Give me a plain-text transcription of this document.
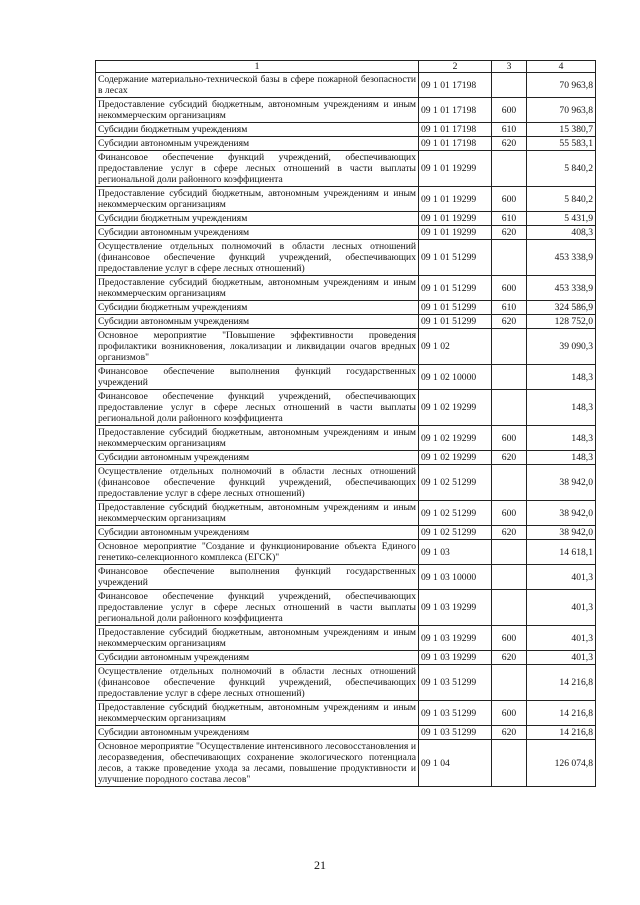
1	2	3	4
Содержание материально-технической базы в сфере пожарной безопасности в лесах	09 1 01 17198		70 963,8
Предоставление субсидий бюджетным, автономным учреждениям и иным некоммерческим организациям	09 1 01 17198	600	70 963,8
Субсидии бюджетным учреждениям	09 1 01 17198	610	15 380,7
Субсидии автономным учреждениям	09 1 01 17198	620	55 583,1
Финансовое обеспечение функций учреждений, обеспечивающих предоставление услуг в сфере лесных отношений в части выплаты региональной доли районного коэффициента	09 1 01 19299		5 840,2
Предоставление субсидий бюджетным, автономным учреждениям и иным некоммерческим организациям	09 1 01 19299	600	5 840,2
Субсидии бюджетным учреждениям	09 1 01 19299	610	5 431,9
Субсидии автономным учреждениям	09 1 01 19299	620	408,3
Осуществление отдельных полномочий в области лесных отношений (финансовое обеспечение функций учреждений, обеспечивающих предоставление услуг в сфере лесных отношений)	09 1 01 51299		453 338,9
Предоставление субсидий бюджетным, автономным учреждениям и иным некоммерческим организациям	09 1 01 51299	600	453 338,9
Субсидии бюджетным учреждениям	09 1 01 51299	610	324 586,9
Субсидии автономным учреждениям	09 1 01 51299	620	128 752,0
Основное мероприятие "Повышение эффективности проведения профилактики возникновения, локализации и ликвидации очагов вредных организмов"	09 1 02		39 090,3
Финансовое обеспечение выполнения функций государственных учреждений	09 1 02 10000		148,3
Финансовое обеспечение функций учреждений, обеспечивающих предоставление услуг в сфере лесных отношений в части выплаты региональной доли районного коэффициента	09 1 02 19299		148,3
Предоставление субсидий бюджетным, автономным учреждениям и иным некоммерческим организациям	09 1 02 19299	600	148,3
Субсидии автономным учреждениям	09 1 02 19299	620	148,3
Осуществление отдельных полномочий в области лесных отношений (финансовое обеспечение функций учреждений, обеспечивающих предоставление услуг в сфере лесных отношений)	09 1 02 51299		38 942,0
Предоставление субсидий бюджетным, автономным учреждениям и иным некоммерческим организациям	09 1 02 51299	600	38 942,0
Субсидии автономным учреждениям	09 1 02 51299	620	38 942,0
Основное мероприятие "Создание и функционирование объекта Единого генетико-селекционного комплекса (ЕГСК)"	09 1 03		14 618,1
Финансовое обеспечение выполнения функций государственных учреждений	09 1 03 10000		401,3
Финансовое обеспечение функций учреждений, обеспечивающих предоставление услуг в сфере лесных отношений в части выплаты региональной доли районного коэффициента	09 1 03 19299		401,3
Предоставление субсидий бюджетным, автономным учреждениям и иным некоммерческим организациям	09 1 03 19299	600	401,3
Субсидии автономным учреждениям	09 1 03 19299	620	401,3
Осуществление отдельных полномочий в области лесных отношений (финансовое обеспечение функций учреждений, обеспечивающих предоставление услуг в сфере лесных отношений)	09 1 03 51299		14 216,8
Предоставление субсидий бюджетным, автономным учреждениям и иным некоммерческим организациям	09 1 03 51299	600	14 216,8
Субсидии автономным учреждениям	09 1 03 51299	620	14 216,8
Основное мероприятие "Осуществление интенсивного лесовосстановления и лесоразведения, обеспечивающих сохранение экологического потенциала лесов, а также проведение ухода за лесами, повышение продуктивности и улучшение породного состава лесов"	09 1 04		126 074,8
21
